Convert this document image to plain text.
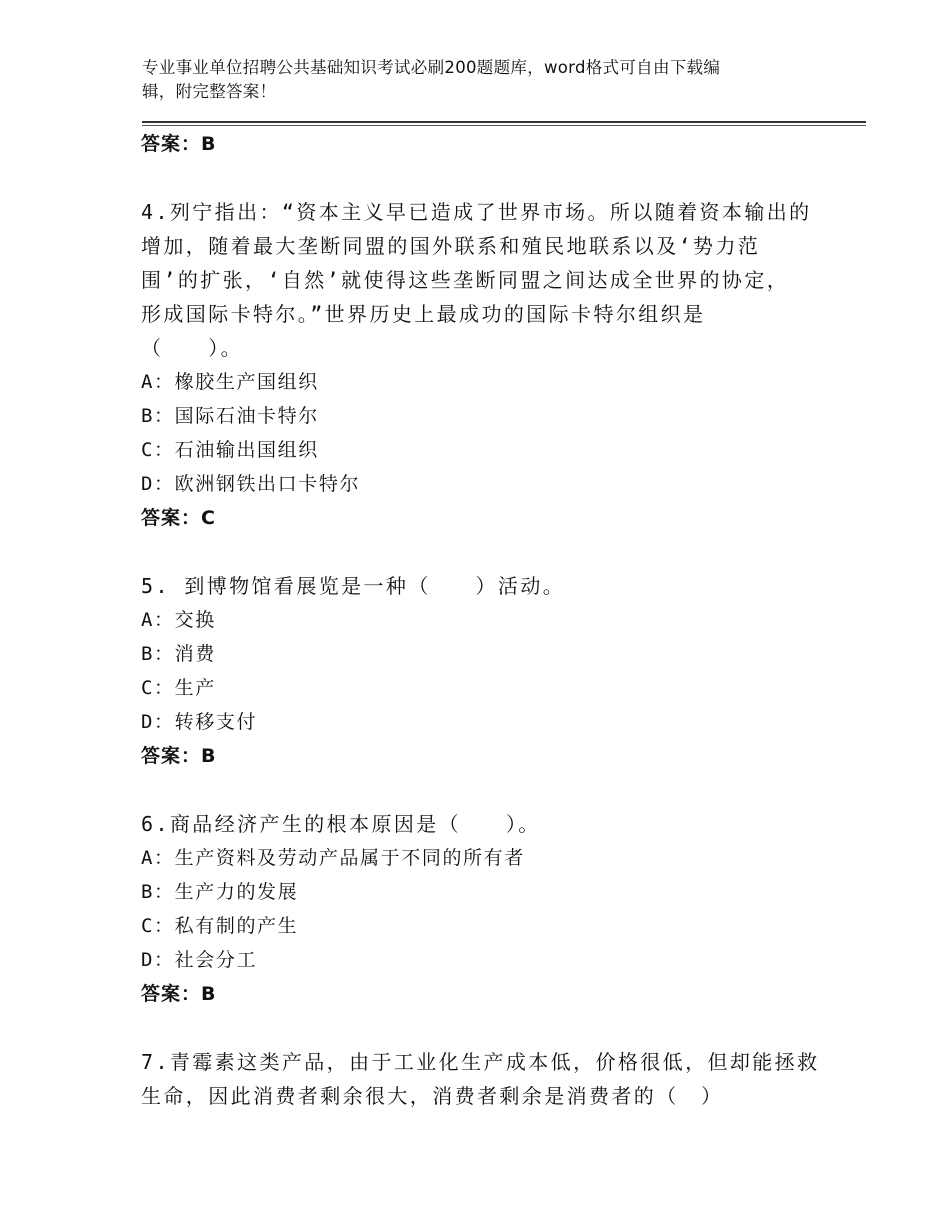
专业事业单位招聘公共基础知识考试必刷200题题库，word格式可自由下载编
辑，附完整答案！
答案：B
4.列宁指出：“资本主义早已造成了世界市场。所以随着资本输出的
增加，随着最大垄断同盟的国外联系和殖民地联系以及‘势力范
围’的扩张，‘自然’就使得这些垄断同盟之间达成全世界的协定，
形成国际卡特尔。”世界历史上最成功的国际卡特尔组织是
（　　）。
A：橡胶生产国组织
B：国际石油卡特尔
C：石油输出国组织
D：欧洲钢铁出口卡特尔
答案：C
5. 到博物馆看展览是一种（　　）活动。
A：交换
B：消费
C：生产
D：转移支付
答案：B
6.商品经济产生的根本原因是（　　）。
A：生产资料及劳动产品属于不同的所有者
B：生产力的发展
C：私有制的产生
D：社会分工
答案：B
7.青霉素这类产品，由于工业化生产成本低，价格很低，但却能拯救
生命，因此消费者剩余很大，消费者剩余是消费者的（　）
